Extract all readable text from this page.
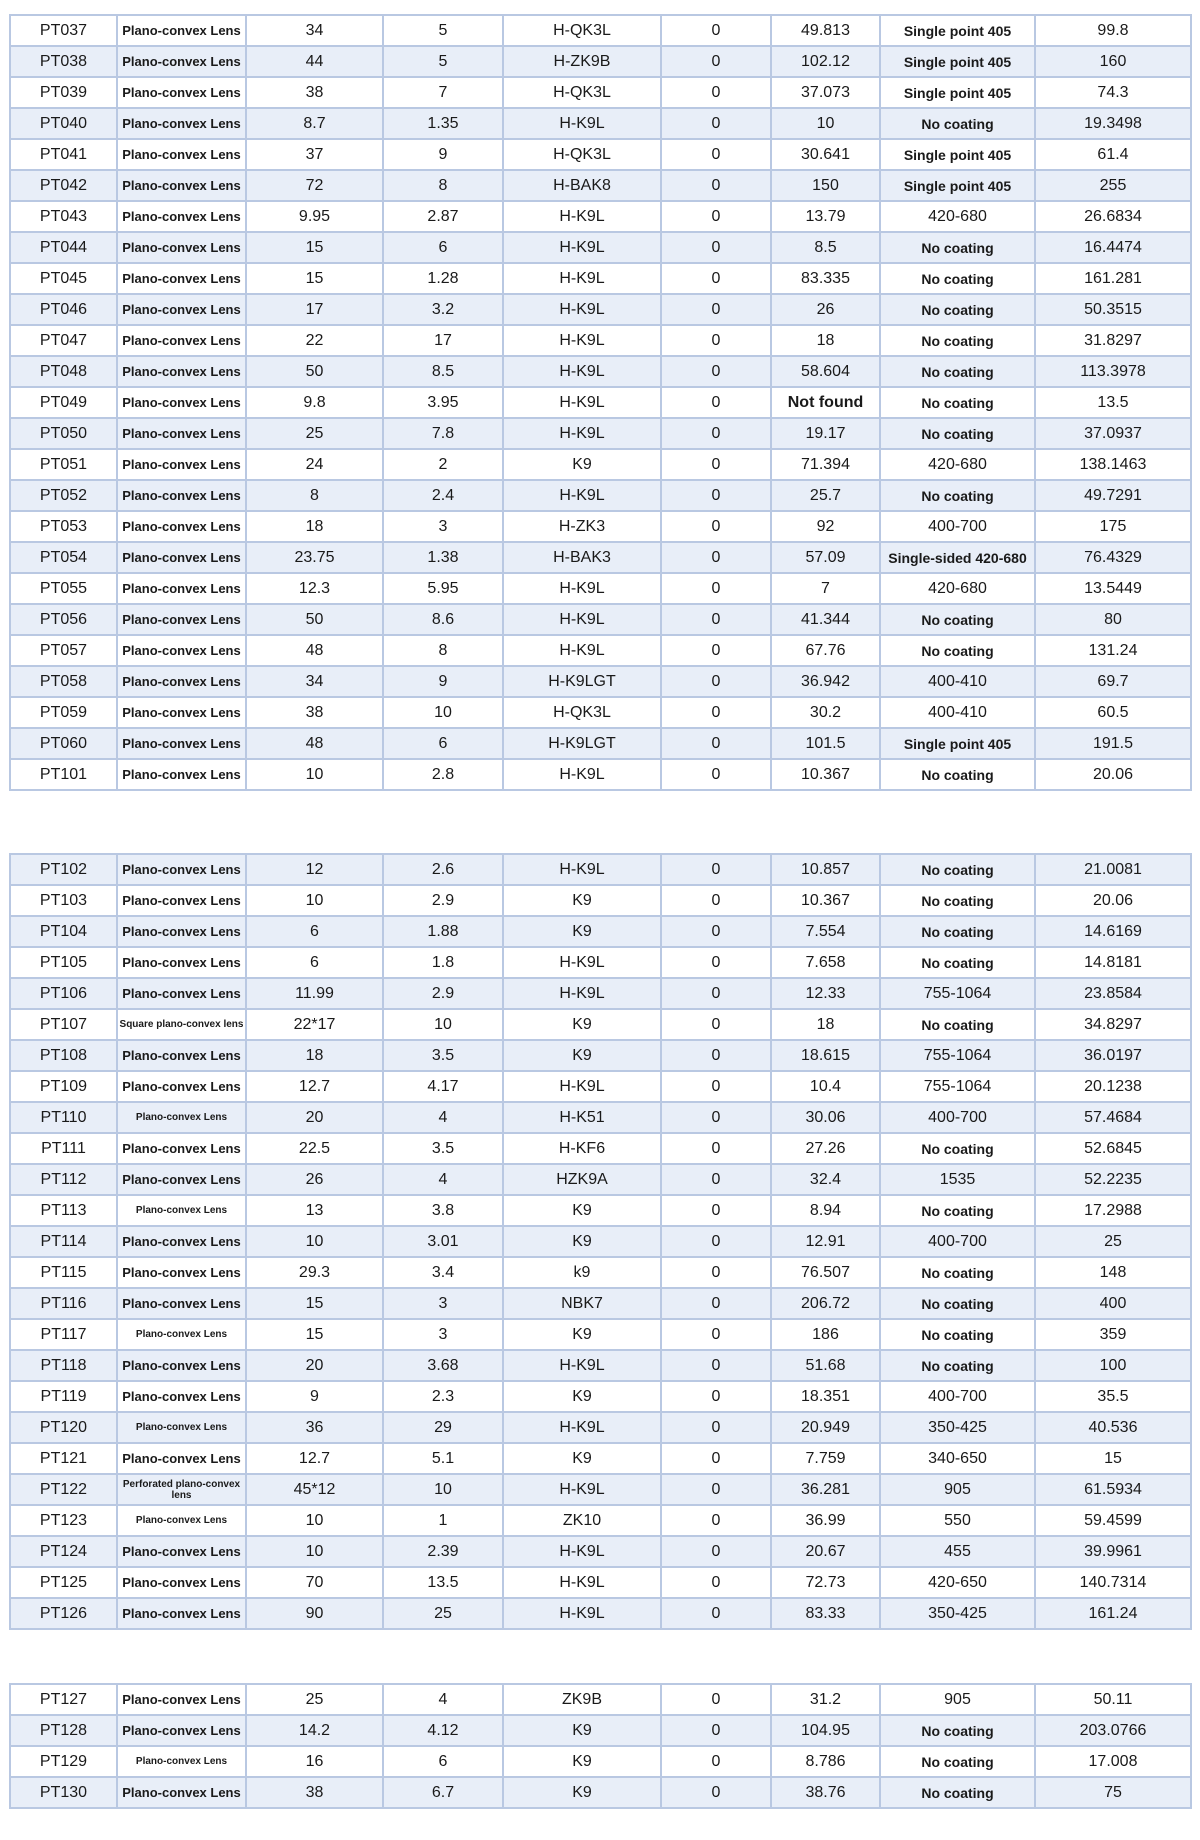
PT037	Plano-convex Lens	34	5	H-QK3L	0	49.813	Single point 405	99.8
PT038	Plano-convex Lens	44	5	H-ZK9B	0	102.12	Single point 405	160
PT039	Plano-convex Lens	38	7	H-QK3L	0	37.073	Single point 405	74.3
PT040	Plano-convex Lens	8.7	1.35	H-K9L	0	10	No coating	19.3498
PT041	Plano-convex Lens	37	9	H-QK3L	0	30.641	Single point 405	61.4
PT042	Plano-convex Lens	72	8	H-BAK8	0	150	Single point 405	255
PT043	Plano-convex Lens	9.95	2.87	H-K9L	0	13.79	420-680	26.6834
PT044	Plano-convex Lens	15	6	H-K9L	0	8.5	No coating	16.4474
PT045	Plano-convex Lens	15	1.28	H-K9L	0	83.335	No coating	161.281
PT046	Plano-convex Lens	17	3.2	H-K9L	0	26	No coating	50.3515
PT047	Plano-convex Lens	22	17	H-K9L	0	18	No coating	31.8297
PT048	Plano-convex Lens	50	8.5	H-K9L	0	58.604	No coating	113.3978
PT049	Plano-convex Lens	9.8	3.95	H-K9L	0	Not found	No coating	13.5
PT050	Plano-convex Lens	25	7.8	H-K9L	0	19.17	No coating	37.0937
PT051	Plano-convex Lens	24	2	K9	0	71.394	420-680	138.1463
PT052	Plano-convex Lens	8	2.4	H-K9L	0	25.7	No coating	49.7291
PT053	Plano-convex Lens	18	3	H-ZK3	0	92	400-700	175
PT054	Plano-convex Lens	23.75	1.38	H-BAK3	0	57.09	Single-sided 420-680	76.4329
PT055	Plano-convex Lens	12.3	5.95	H-K9L	0	7	420-680	13.5449
PT056	Plano-convex Lens	50	8.6	H-K9L	0	41.344	No coating	80
PT057	Plano-convex Lens	48	8	H-K9L	0	67.76	No coating	131.24
PT058	Plano-convex Lens	34	9	H-K9LGT	0	36.942	400-410	69.7
PT059	Plano-convex Lens	38	10	H-QK3L	0	30.2	400-410	60.5
PT060	Plano-convex Lens	48	6	H-K9LGT	0	101.5	Single point 405	191.5
PT101	Plano-convex Lens	10	2.8	H-K9L	0	10.367	No coating	20.06
PT102	Plano-convex Lens	12	2.6	H-K9L	0	10.857	No coating	21.0081
PT103	Plano-convex Lens	10	2.9	K9	0	10.367	No coating	20.06
PT104	Plano-convex Lens	6	1.88	K9	0	7.554	No coating	14.6169
PT105	Plano-convex Lens	6	1.8	H-K9L	0	7.658	No coating	14.8181
PT106	Plano-convex Lens	11.99	2.9	H-K9L	0	12.33	755-1064	23.8584
PT107	Square plano-convex lens	22*17	10	K9	0	18	No coating	34.8297
PT108	Plano-convex Lens	18	3.5	K9	0	18.615	755-1064	36.0197
PT109	Plano-convex Lens	12.7	4.17	H-K9L	0	10.4	755-1064	20.1238
PT110	Plano-convex Lens	20	4	H-K51	0	30.06	400-700	57.4684
PT111	Plano-convex Lens	22.5	3.5	H-KF6	0	27.26	No coating	52.6845
PT112	Plano-convex Lens	26	4	HZK9A	0	32.4	1535	52.2235
PT113	Plano-convex Lens	13	3.8	K9	0	8.94	No coating	17.2988
PT114	Plano-convex Lens	10	3.01	K9	0	12.91	400-700	25
PT115	Plano-convex Lens	29.3	3.4	k9	0	76.507	No coating	148
PT116	Plano-convex Lens	15	3	NBK7	0	206.72	No coating	400
PT117	Plano-convex Lens	15	3	K9	0	186	No coating	359
PT118	Plano-convex Lens	20	3.68	H-K9L	0	51.68	No coating	100
PT119	Plano-convex Lens	9	2.3	K9	0	18.351	400-700	35.5
PT120	Plano-convex Lens	36	29	H-K9L	0	20.949	350-425	40.536
PT121	Plano-convex Lens	12.7	5.1	K9	0	7.759	340-650	15
PT122	Perforated plano-convex lens	45*12	10	H-K9L	0	36.281	905	61.5934
PT123	Plano-convex Lens	10	1	ZK10	0	36.99	550	59.4599
PT124	Plano-convex Lens	10	2.39	H-K9L	0	20.67	455	39.9961
PT125	Plano-convex Lens	70	13.5	H-K9L	0	72.73	420-650	140.7314
PT126	Plano-convex Lens	90	25	H-K9L	0	83.33	350-425	161.24
PT127	Plano-convex Lens	25	4	ZK9B	0	31.2	905	50.11
PT128	Plano-convex Lens	14.2	4.12	K9	0	104.95	No coating	203.0766
PT129	Plano-convex Lens	16	6	K9	0	8.786	No coating	17.008
PT130	Plano-convex Lens	38	6.7	K9	0	38.76	No coating	75
